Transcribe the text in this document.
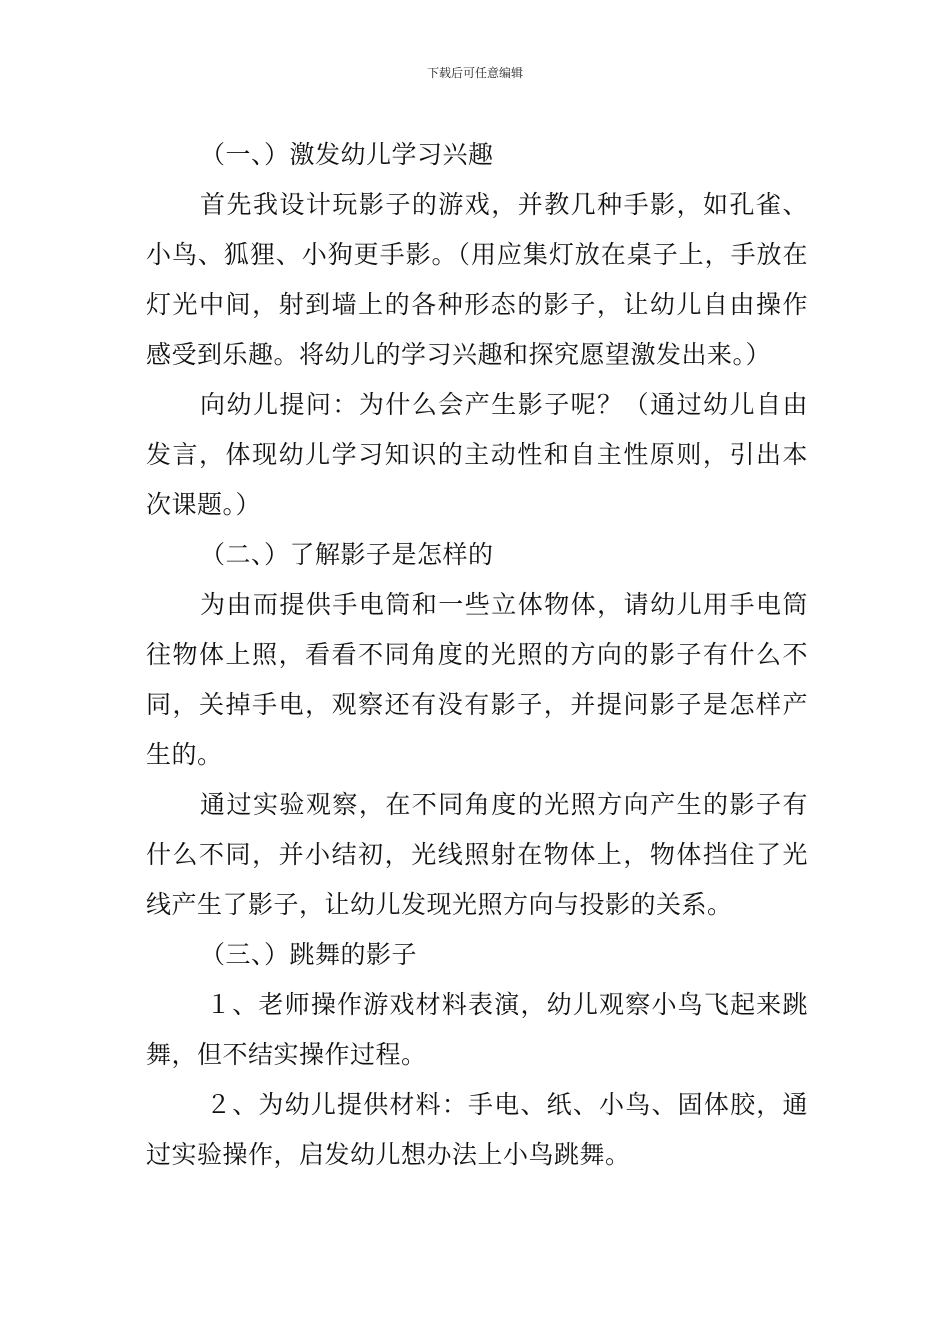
下载后可任意编辑

（一、）激发幼儿学习兴趣

首先我设计玩影子的游戏，并教几种手影，如孔雀、小鸟、狐狸、小狗更手影。（用应集灯放在桌子上，手放在灯光中间，射到墙上的各种形态的影子，让幼儿自由操作感受到乐趣。将幼儿的学习兴趣和探究愿望激发出来。）

向幼儿提问：为什么会产生影子呢？（通过幼儿自由发言，体现幼儿学习知识的主动性和自主性原则，引出本次课题。）

（二、）了解影子是怎样的

为由而提供手电筒和一些立体物体，请幼儿用手电筒往物体上照，看看不同角度的光照的方向的影子有什么不同，关掉手电，观察还有没有影子，并提问影子是怎样产生的。

通过实验观察，在不同角度的光照方向产生的影子有什么不同，并小结初，光线照射在物体上，物体挡住了光线产生了影子，让幼儿发现光照方向与投影的关系。

（三、）跳舞的影子

１、老师操作游戏材料表演，幼儿观察小鸟飞起来跳舞，但不结实操作过程。

２、为幼儿提供材料：手电、纸、小鸟、固体胶，通过实验操作，启发幼儿想办法上小鸟跳舞。
